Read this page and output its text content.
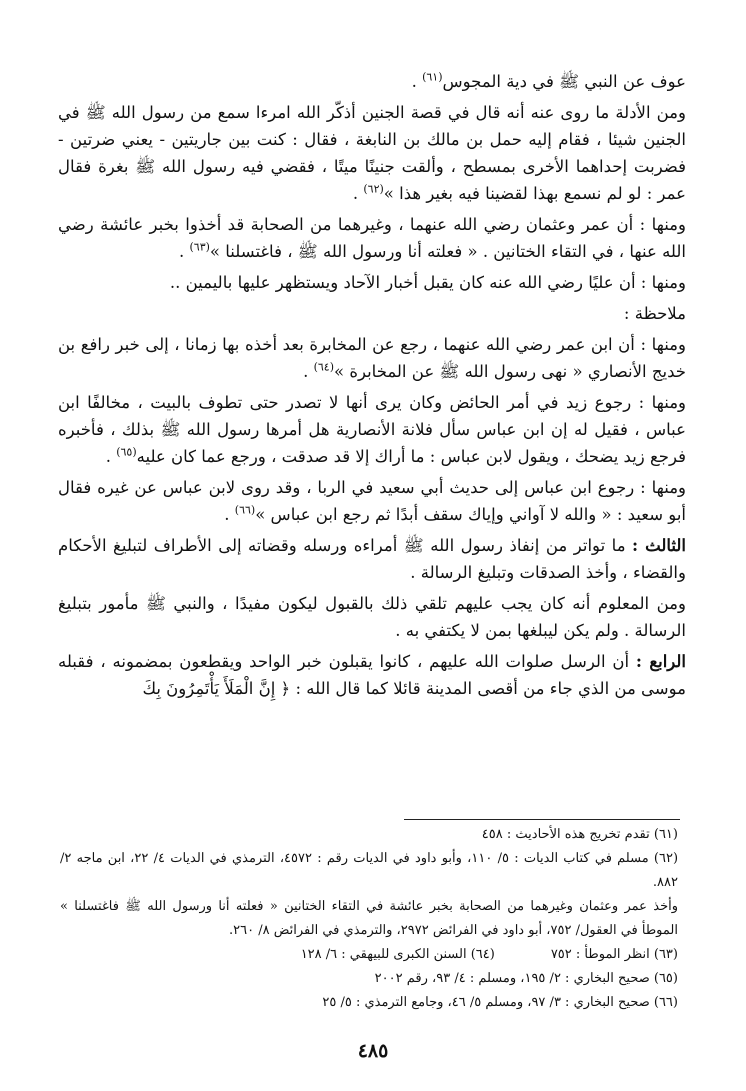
عوف عن النبي ﷺ في دية المجوس$^{(٦١)}$ .

ومن الأدلة ما روى عنه أنه قال في قصة الجنين أذكّر الله امرءا سمع من رسول الله ﷺ في الجنين شيئا ، فقام إليه حمل بن مالك بن النابغة ، فقال : كنت بين جاريتين - يعني ضرتين - فضربت إحداهما الأخرى بمسطح ، وألقت جنينًا ميتًا ، فقضي فيه رسول الله ﷺ بغرة فقال عمر : لو لم نسمع بهذا لقضينا فيه بغير هذا »$^{(٦٢)}$ .

ومنها : أن عمر وعثمان رضي الله عنهما ، وغيرهما من الصحابة قد أخذوا بخبر عائشة رضي الله عنها ، في التقاء الختانين . « فعلته أنا ورسول الله ﷺ ، فاغتسلنا »$^{(٦٣)}$ .

ومنها : أن عليًا رضي الله عنه كان يقبل أخبار الآحاد ويستظهر عليها باليمين ..

ملاحظة :

ومنها : أن ابن عمر رضي الله عنهما ، رجع عن المخابرة بعد أخذه بها زمانا ، إلى خبر رافع بن خديج الأنصاري « نهى رسول الله ﷺ عن المخابرة »$^{(٦٤)}$ .

ومنها : رجوع زيد في أمر الحائض وكان يرى أنها لا تصدر حتى تطوف بالبيت ، مخالفًا ابن عباس ، فقيل له إن ابن عباس سأل فلانة الأنصارية هل أمرها رسول الله ﷺ بذلك ، فأخبره فرجع زيد يضحك ، ويقول لابن عباس : ما أراك إلا قد صدقت ، ورجع عما كان عليه$^{(٦٥)}$ .

ومنها : رجوع ابن عباس إلى حديث أبي سعيد في الربا ، وقد روى لابن عباس عن غيره فقال أبو سعيد : « والله لا آواني وإياك سقف أبدًا ثم رجع ابن عباس »$^{(٦٦)}$ .

الثالث : ما تواتر من إنفاذ رسول الله ﷺ أمراءه ورسله وقضاته إلى الأطراف لتبليغ الأحكام والقضاء ، وأخذ الصدقات وتبليغ الرسالة .

ومن المعلوم أنه كان يجب عليهم تلقي ذلك بالقبول ليكون مفيدًا ، والنبي ﷺ مأمور بتبليغ الرسالة . ولم يكن ليبلغها بمن لا يكتفي به .

الرابع : أن الرسل صلوات الله عليهم ، كانوا يقبلون خبر الواحد ويقطعون بمضمونه ، فقبله موسى من الذي جاء من أقصى المدينة قائلا كما قال الله : ﴿ إِنَّ الْمَلَأَ يَأْتَمِرُونَ بِكَ

(٦١) تقدم تخريج هذه الأحاديث : ٤٥٨

(٦٢) مسلم في كتاب الديات : ٥/ ١١٠، وأبو داود في الديات رقم : ٤٥٧٢، الترمذي في الديات ٤/ ٢٢، ابن ماجه ٢/ ٨٨٢.

وأخذ عمر وعثمان وغيرهما من الصحابة بخبر عائشة في التقاء الختانين « فعلته أنا ورسول الله ﷺ فاغتسلنا » الموطأ في العقول/ ٧٥٢، أبو داود في الفرائض ٢٩٧٢، والترمذي في الفرائض ٨/ ٢٦٠.

(٦٣) انظر الموطأ : ٧٥٢(٦٤) السنن الكبرى للبيهقي : ٦/ ١٢٨

(٦٥) صحيح البخاري : ٢/ ١٩٥، ومسلم : ٤/ ٩٣، رقم ٢٠٠٢

(٦٦) صحيح البخاري : ٣/ ٩٧، ومسلم ٥/ ٤٦، وجامع الترمذي : ٥/ ٢٥

٤٨٥
